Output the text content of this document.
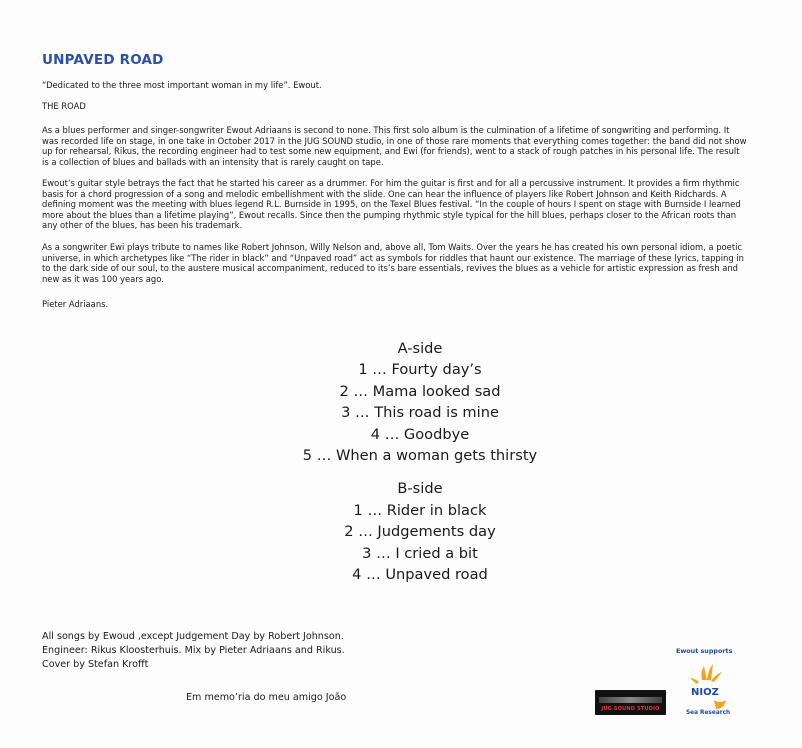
UNPAVED ROAD
“Dedicated to the three most important woman in my life”. Ewout.
THE ROAD

As a blues performer and singer-songwriter Ewout Adriaans is second to none. This first solo album is the culmination of a lifetime of songwriting and performing. It was recorded life on stage, in one take in October 2017 in the JUG SOUND studio, in one of those rare moments that everything comes together: the band did not show up for rehearsal, Rikus, the recording engineer had to test some new equipment, and Ewi (for friends), went to a stack of rough patches in his personal life. The result is a collection of blues and ballads with an intensity that is rarely caught on tape.

Ewout’s guitar style betrays the fact that he started his career as a drummer. For him the guitar is first and for all a percussive instrument. It provides a firm rhythmic basis for a chord progression of a song and melodic embellishment with the slide. One can hear the influence of players like Robert Johnson and Keith Ridchards. A defining moment was the meeting with blues legend R.L. Burnside in 1995, on the Texel Blues festival. “In the couple of hours I spent on stage with Burnside I learned more about the blues than a lifetime playing”, Ewout recalls. Since then the pumping rhythmic style typical for the hill blues, perhaps closer to the African roots than any other of the blues, has been his trademark.

As a songwriter Ewi plays tribute to names like Robert Johnson, Willy Nelson and, above all, Tom Waits. Over the years he has created his own personal idiom, a poetic universe, in which archetypes like “The rider in black” and “Unpaved road” act as symbols for riddles that haunt our existence. The marriage of these lyrics, tapping in to the dark side of our soul, to the austere musical accompaniment, reduced to its’s bare essentials, revives the blues as a vehicle for artistic expression as fresh and new as it was 100 years ago.

Pieter Adriaans.
A-side
1 … Fourty day’s
2 … Mama looked sad
3 … This road is mine
4 … Goodbye
5 … When a woman gets thirsty
B-side
1 … Rider in black
2 … Judgements day
3 … I cried a bit
4 … Unpaved road
All songs by Ewoud ,except Judgement Day by Robert Johnson.
Engineer: Rikus Kloosterhuis. Mix by Pieter Adriaans and Rikus.
Cover by Stefan Krofft
Em memo’ria do meu amigo João
JUG SOUND STUDIO
Ewout supports
NIOZ
Sea Research
